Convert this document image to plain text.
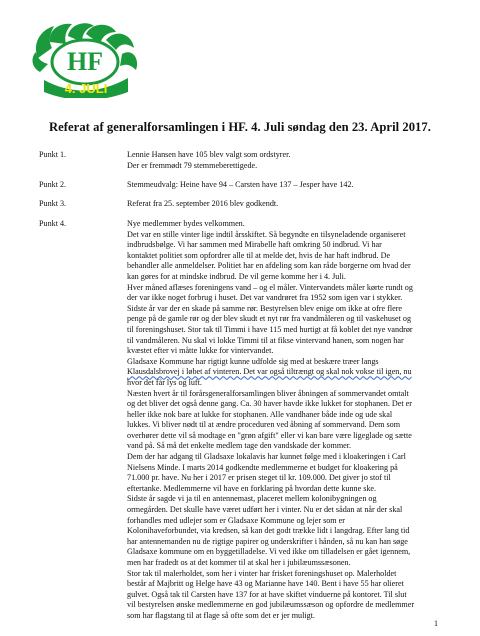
HF
4. JULI
Referat af generalforsamlingen i HF. 4. Juli søndag den 23. April 2017.
Punkt 1.	Lennie Hansen have 105 blev valgt som ordstyrer.
Der er fremmødt 79 stemmeberettigede.
Punkt 2.	Stemmeudvalg: Heine have 94 – Carsten have 137 – Jesper have 142.
Punkt 3.	Referat fra 25. september 2016 blev godkendt.
Punkt 4.	Nye medlemmer bydes velkommen.
Det var en stille vinter lige indtil årsskiftet. Så begyndte en tilsyneladende organiseret
indbrudsbølge. Vi har sammen med Mirabelle haft omkring 50 indbrud. Vi har
kontaktet politiet som opfordrer alle til at melde det, hvis de har haft indbrud. De
behandler alle anmeldelser. Politiet har en afdeling som kan råde borgerne om hvad der
kan gøres for at mindske indbrud. De vil gerne komme her i 4. Juli.
Hver måned aflæses foreningens vand – og el måler. Vintervandets måler kørte rundt og
der var ikke noget forbrug i huset. Det var vandrøret fra 1952 som igen var i stykker.
Sidste år var der en skade på samme rør. Bestyrelsen blev enige om ikke at ofre flere
penge på de gamle rør og der blev skudt et nyt rør fra vandmåleren og til vaskehuset og
til foreningshuset. Stor tak til Timmi i have 115 med hurtigt at få koblet det nye vandrør
til vandmåleren. Nu skal vi lokke Timmi til at fikse vintervand hanen, som nogen har
kvæstet efter vi måtte lukke for vintervandet.
Gladsaxe Kommune har rigtigt kunne udfolde sig med at beskære træer langs
Klausdalsbrovej i løbet af vinteren. Det var også tiltrængt og skal nok vokse til igen, nu
hvor det får lys og luft.
Næsten hvert år til forårsgeneralforsamlingen bliver åbningen af sommervandet omtalt
og det bliver det også denne gang. Ca. 30 haver havde ikke lukket for stophanen. Det er
heller ikke nok bare at lukke for stophanen. Alle vandhaner både inde og ude skal
lukkes. Vi bliver nødt til at ændre proceduren ved åbning af sommervand. Dem som
overhører dette vil så modtage en "grøn afgift" eller vi kan bare være ligeglade og sætte
vand på. Så må det enkelte medlem tage den vandskade der kommer.
Dem der har adgang til Gladsaxe lokalavis har kunnet følge med i kloakeringen i Carl
Nielsens Minde. I marts 2014 godkendte medlemmerne et budget for kloakering på
71.000 pr. have. Nu her i 2017 er prisen steget til kr. 109.000. Det giver jo stof til
eftertanke. Medlemmerne vil have en forklaring på hvordan dette kunne ske.
Sidste år sagde vi ja til en antennemast, placeret mellem kolonibygningen og
ormegården. Det skulle have været udført her i vinter. Nu er det sådan at når der skal
forhandles med udlejer som er Gladsaxe Kommune og lejer som er
Kolonihaveforbundet, via kredsen, så kan det godt trække lidt i langdrag. Efter lang tid
har antennemanden nu de rigtige papirer og underskrifter i hånden, så nu kan han søge
Gladsaxe kommune om en byggetilladelse. Vi ved ikke om tilladelsen er gået igennem,
men har fradedt os at det kommer til at skal her i jubilæumssæsonen.
Stor tak til malerholdet, som her i vinter har frisket foreningshuset op. Malerholdet
består af Majbritt og Helge have 43 og Marianne have 140. Bent i have 55 har olieret
gulvet. Også tak til Carsten have 137 for at have skiftet vinduerne på kontoret. Til slut
vil bestyrelsen ønske medlemmerne en god jubilæumssæson og opfordre de medlemmer
som har flagstang til at flage så ofte som det er jer muligt.
1
